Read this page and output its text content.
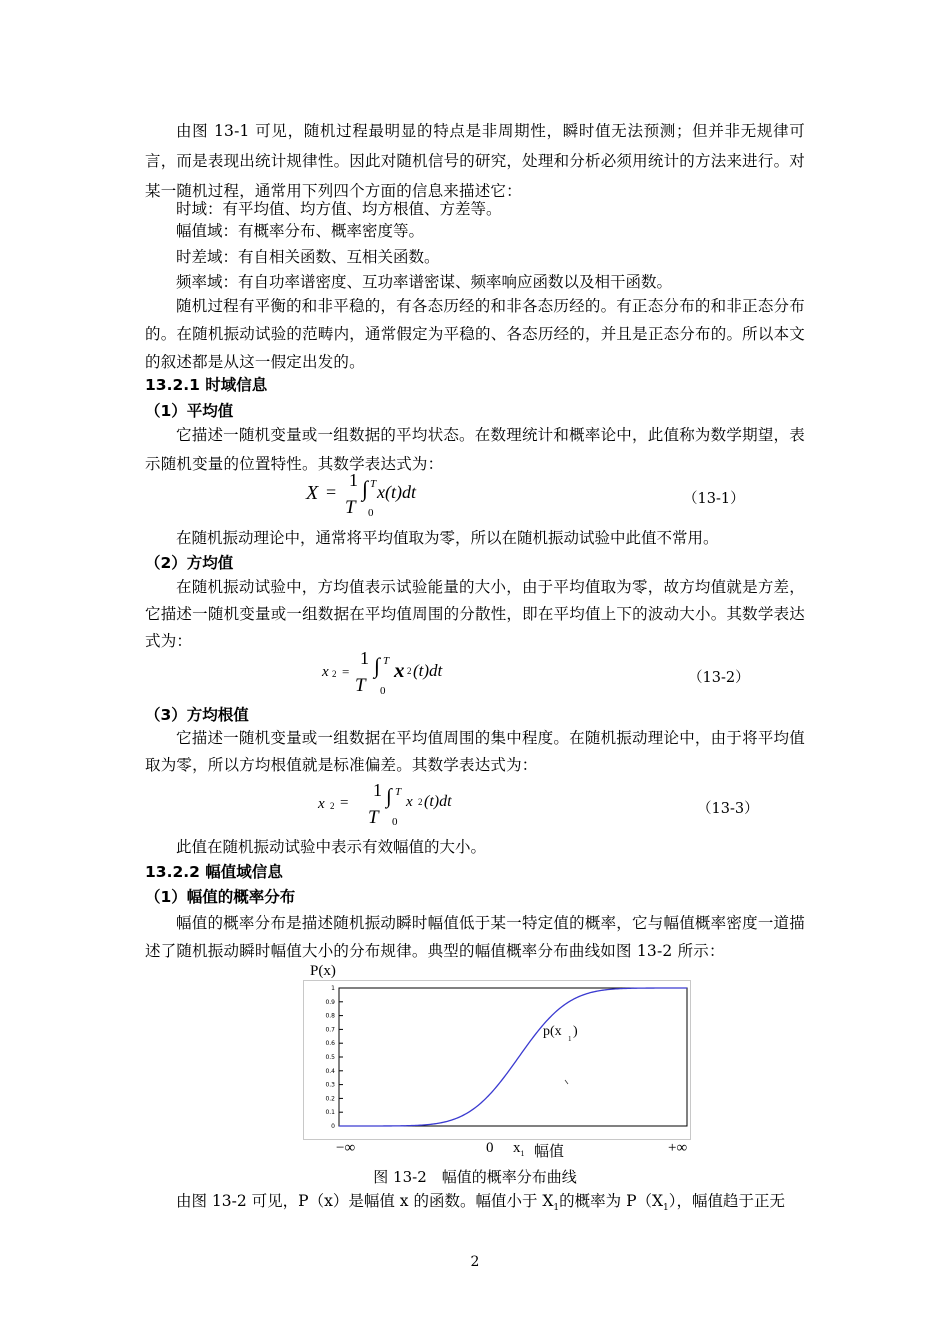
由图 13-1 可见，随机过程最明显的特点是非周期性，瞬时值无法预测；但并非无规律可言，而是表现出统计规律性。因此对随机信号的研究，处理和分析必须用统计的方法来进行。对某一随机过程，通常用下列四个方面的信息来描述它：
时域：有平均值、均方值、均方根值、方差等。
幅值域：有概率分布、概率密度等。
时差域：有自相关函数、互相关函数。
频率域：有自功率谱密度、互功率谱密谋、频率响应函数以及相干函数。
随机过程有平衡的和非平稳的，有各态历经的和非各态历经的。有正态分布的和非正态分布的。在随机振动试验的范畴内，通常假定为平稳的、各态历经的，并且是正态分布的。所以本文的叙述都是从这一假定出发的。
13.2.1 时域信息
（1）平均值
它描述一随机变量或一组数据的平均状态。在数理统计和概率论中，此值称为数学期望，表示随机变量的位置特性。其数学表达式为：
X =
1
T
∫ T
0
x(t)dt	（13-1）
在随机振动理论中，通常将平均值取为零，所以在随机振动试验中此值不常用。
（2）方均值
在随机振动试验中，方均值表示试验能量的大小，由于平均值取为零，故方均值就是方差，它描述一随机变量或一组数据在平均值周围的分散性，即在平均值上下的波动大小。其数学表达式为：
x 2 =
1
T
∫ T
0
x 2 (t)dt	（13-2）
（3）方均根值
它描述一随机变量或一组数据在平均值周围的集中程度。在随机振动理论中，由于将平均值取为零，所以方均根值就是标准偏差。其数学表达式为：
x 2 =
1
T
∫ T
0
x 2 (t)dt	（13-3）
此值在随机振动试验中表示有效幅值的大小。
13.2.2 幅值域信息
（1）幅值的概率分布
幅值的概率分布是描述随机振动瞬时幅值低于某一特定值的概率，它与幅值概率密度一道描述了随机振动瞬时幅值大小的分布规律。典型的幅值概率分布曲线如图 13-2 所示：
P(x)
0
0.1
0.2
0.3
0.4
0.5
0.6
0.7
0.8
0.9
1
p(x 1 )
−∞	0 $x_1$ 幅值	+∞
图 13-2　幅值的概率分布曲线
由图 13-2 可见，P（x）是幅值 x 的函数。幅值小于 $X_1$的概率为 $P(X_1)$，幅值趋于正无
2
